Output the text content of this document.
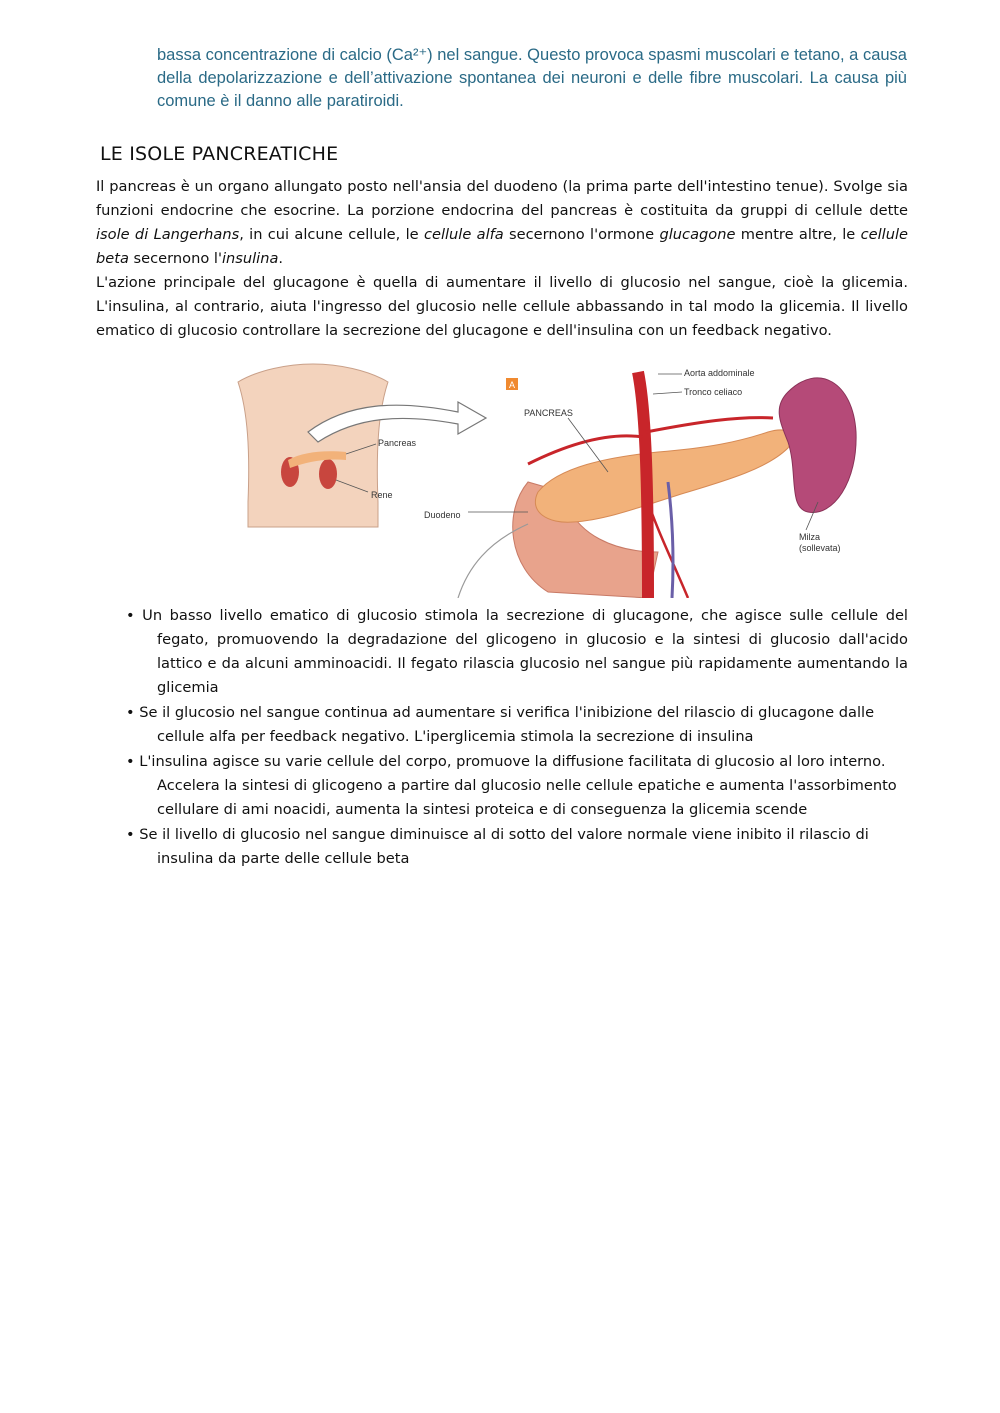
bassa concentrazione di calcio (Ca²⁺) nel sangue. Questo provoca spasmi muscolari e tetano, a causa della depolarizzazione e dell’attivazione spontanea dei neuroni e delle fibre muscolari. La causa più comune è il danno alle paratiroidi.
LE ISOLE PANCREATICHE
Il pancreas è un organo allungato posto nell'ansia del duodeno (la prima parte dell'intestino tenue). Svolge sia funzioni endocrine che esocrine. La porzione endocrina del pancreas è costituita da gruppi di cellule dette isole di Langerhans, in cui alcune cellule, le cellule alfa secernono l'ormone glucagone mentre altre, le cellule beta secernono l'insulina.
L'azione principale del glucagone è quella di aumentare il livello di glucosio nel sangue, cioè la glicemia. L'insulina, al contrario, aiuta l'ingresso del glucosio nelle cellule abbassando in tal modo la glicemia. Il livello ematico di glucosio controllare la secrezione del glucagone e dell'insulina con un feedback negativo.
Pancreas
Rene
A
Aorta addominale
Tronco celiaco
PANCREAS
Duodeno
Milza
(sollevata)
• Un basso livello ematico di glucosio stimola la secrezione di glucagone, che agisce sulle cellule del fegato, promuovendo la degradazione del glicogeno in glucosio e la sintesi di glucosio dall'acido lattico e da alcuni amminoacidi. Il fegato rilascia glucosio nel sangue più rapidamente aumentando la glicemia
• Se il glucosio nel sangue continua ad aumentare si verifica l'inibizione del rilascio di glucagone dalle cellule alfa per feedback negativo. L'iperglicemia stimola la secrezione di insulina
• L'insulina agisce su varie cellule del corpo, promuove la diffusione facilitata di glucosio al loro interno. Accelera la sintesi di glicogeno a partire dal glucosio nelle cellule epatiche e aumenta l'assorbimento cellulare di ami noacidi, aumenta la sintesi proteica e di conseguenza la glicemia scende
• Se il livello di glucosio nel sangue diminuisce al di sotto del valore normale viene inibito il rilascio di insulina da parte delle cellule beta
